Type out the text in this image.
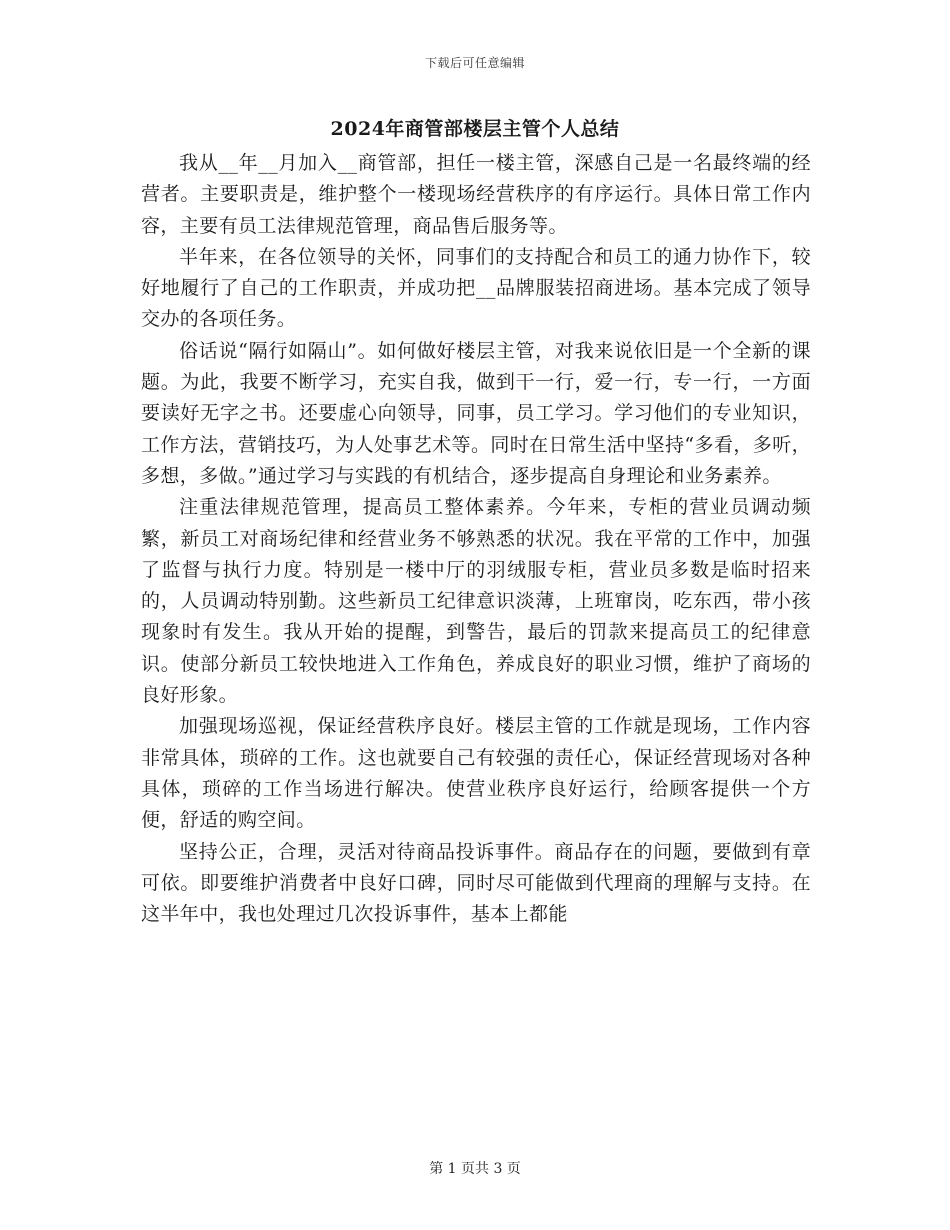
下载后可任意编辑
2024年商管部楼层主管个人总结

我从__年__月加入__商管部，担任一楼主管，深感自己是一名最终端的经营者。主要职责是，维护整个一楼现场经营秩序的有序运行。具体日常工作内容，主要有员工法律规范管理，商品售后服务等。

半年来，在各位领导的关怀，同事们的支持配合和员工的通力协作下，较好地履行了自己的工作职责，并成功把__品牌服装招商进场。基本完成了领导交办的各项任务。

俗话说“隔行如隔山”。如何做好楼层主管，对我来说依旧是一个全新的课题。为此，我要不断学习，充实自我，做到干一行，爱一行，专一行，一方面要读好无字之书。还要虚心向领导，同事，员工学习。学习他们的专业知识，工作方法，营销技巧，为人处事艺术等。同时在日常生活中坚持“多看，多听，多想，多做。”通过学习与实践的有机结合，逐步提高自身理论和业务素养。

注重法律规范管理，提高员工整体素养。今年来，专柜的营业员调动频繁，新员工对商场纪律和经营业务不够熟悉的状况。我在平常的工作中，加强了监督与执行力度。特别是一楼中厅的羽绒服专柜，营业员多数是临时招来的，人员调动特别勤。这些新员工纪律意识淡薄，上班窜岗，吃东西，带小孩现象时有发生。我从开始的提醒，到警告，最后的罚款来提高员工的纪律意识。使部分新员工较快地进入工作角色，养成良好的职业习惯，维护了商场的良好形象。

加强现场巡视，保证经营秩序良好。楼层主管的工作就是现场，工作内容非常具体，琐碎的工作。这也就要自己有较强的责任心，保证经营现场对各种具体，琐碎的工作当场进行解决。使营业秩序良好运行，给顾客提供一个方便，舒适的购空间。

坚持公正，合理，灵活对待商品投诉事件。商品存在的问题，要做到有章可依。即要维护消费者中良好口碑，同时尽可能做到代理商的理解与支持。在这半年中，我也处理过几次投诉事件，基本上都能

第 1 页共 3 页
